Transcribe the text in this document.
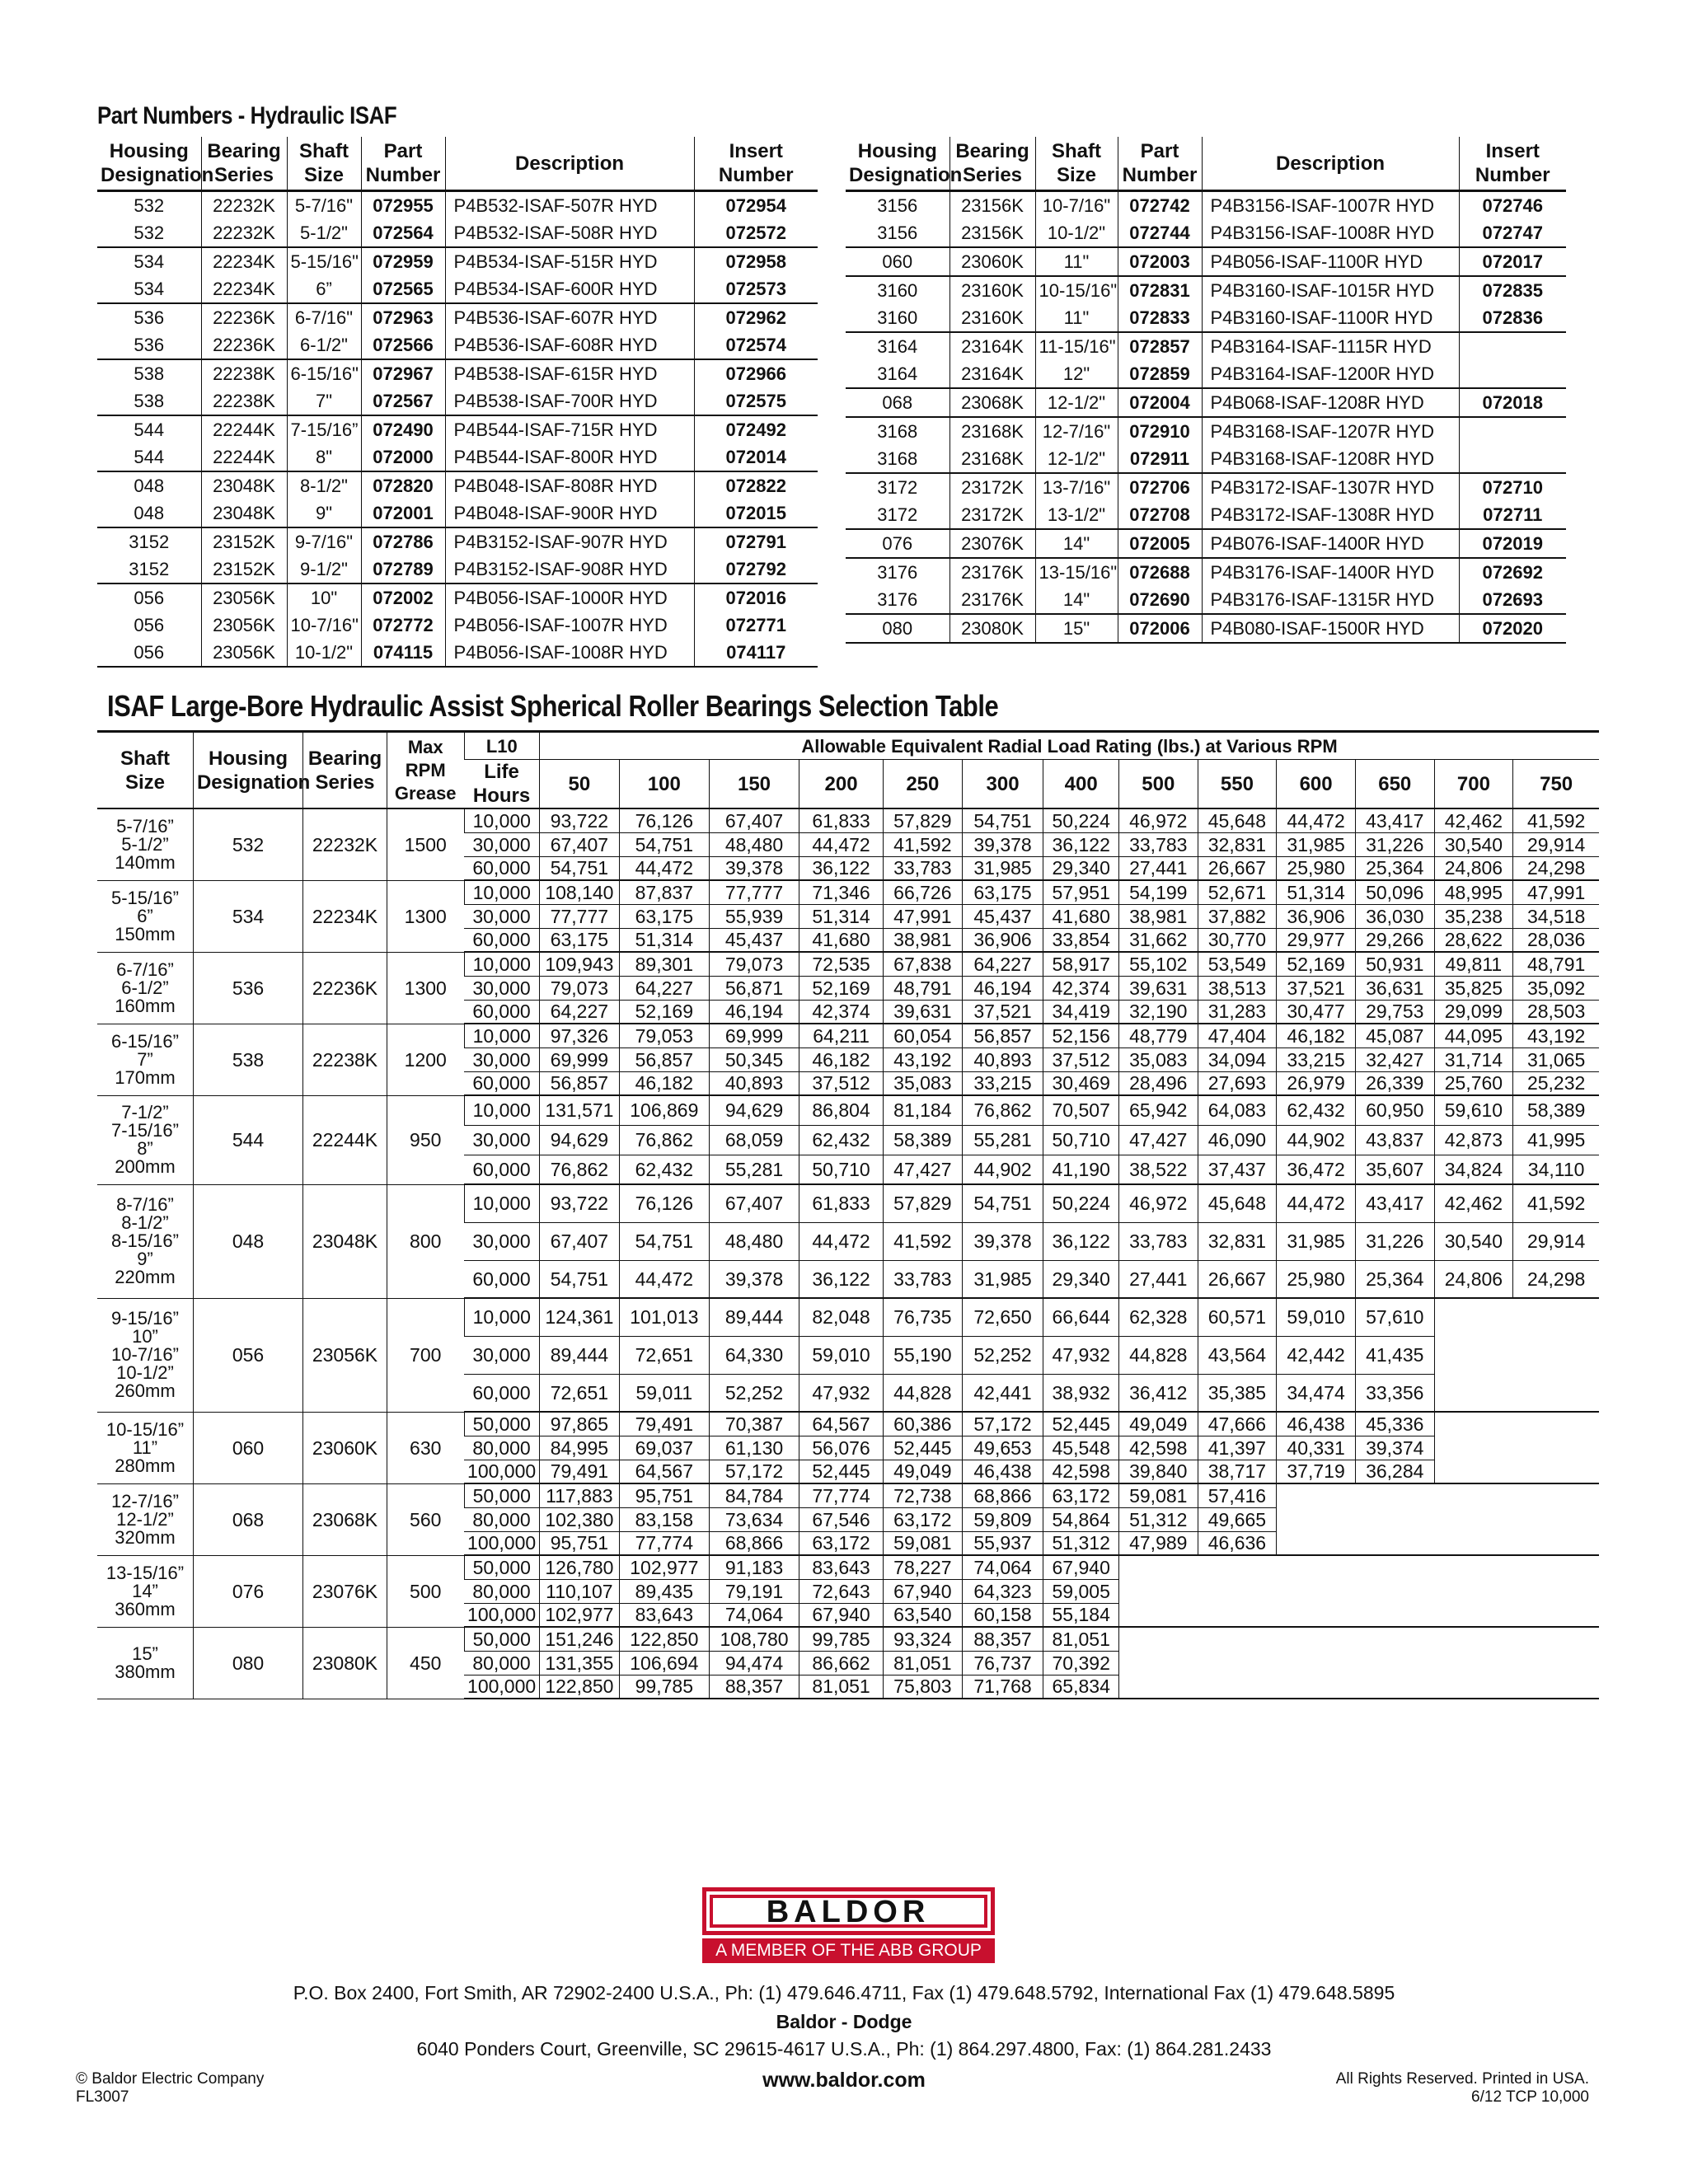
Part Numbers - Hydraulic ISAF
Housing Designation	Bearing Series	Shaft Size	Part Number	Description	Insert Number
532	22232K	5-7/16"	072955	P4B532-ISAF-507R HYD	072954
532	22232K	5-1/2"	072564	P4B532-ISAF-508R HYD	072572
534	22234K	5-15/16"	072959	P4B534-ISAF-515R HYD	072958
534	22234K	6”	072565	P4B534-ISAF-600R HYD	072573
536	22236K	6-7/16"	072963	P4B536-ISAF-607R HYD	072962
536	22236K	6-1/2"	072566	P4B536-ISAF-608R HYD	072574
538	22238K	6-15/16"	072967	P4B538-ISAF-615R HYD	072966
538	22238K	7"	072567	P4B538-ISAF-700R HYD	072575
544	22244K	7-15/16”	072490	P4B544-ISAF-715R HYD	072492
544	22244K	8"	072000	P4B544-ISAF-800R HYD	072014
048	23048K	8-1/2"	072820	P4B048-ISAF-808R HYD	072822
048	23048K	9"	072001	P4B048-ISAF-900R HYD	072015
3152	23152K	9-7/16"	072786	P4B3152-ISAF-907R HYD	072791
3152	23152K	9-1/2"	072789	P4B3152-ISAF-908R HYD	072792
056	23056K	10"	072002	P4B056-ISAF-1000R HYD	072016
056	23056K	10-7/16"	072772	P4B056-ISAF-1007R HYD	072771
056	23056K	10-1/2"	074115	P4B056-ISAF-1008R HYD	074117
Housing Designation	Bearing Series	Shaft Size	Part Number	Description	Insert Number
3156	23156K	10-7/16"	072742	P4B3156-ISAF-1007R HYD	072746
3156	23156K	10-1/2"	072744	P4B3156-ISAF-1008R HYD	072747
060	23060K	11"	072003	P4B056-ISAF-1100R HYD	072017
3160	23160K	10-15/16"	072831	P4B3160-ISAF-1015R HYD	072835
3160	23160K	11"	072833	P4B3160-ISAF-1100R HYD	072836
3164	23164K	11-15/16"	072857	P4B3164-ISAF-1115R HYD	
3164	23164K	12"	072859	P4B3164-ISAF-1200R HYD	
068	23068K	12-1/2"	072004	P4B068-ISAF-1208R HYD	072018
3168	23168K	12-7/16"	072910	P4B3168-ISAF-1207R HYD	
3168	23168K	12-1/2"	072911	P4B3168-ISAF-1208R HYD	
3172	23172K	13-7/16"	072706	P4B3172-ISAF-1307R HYD	072710
3172	23172K	13-1/2"	072708	P4B3172-ISAF-1308R HYD	072711
076	23076K	14"	072005	P4B076-ISAF-1400R HYD	072019
3176	23176K	13-15/16"	072688	P4B3176-ISAF-1400R HYD	072692
3176	23176K	14"	072690	P4B3176-ISAF-1315R HYD	072693
080	23080K	15"	072006	P4B080-ISAF-1500R HYD	072020
ISAF Large-Bore Hydraulic Assist Spherical Roller Bearings Selection Table
Shaft Size	Housing Designation	Bearing Series	Max RPM Grease	L10	Allowable Equivalent Radial Load Rating (lbs.) at Various RPM												
				Life Hours	50	100	150	200	250	300	400	500	550	600	650	700	750

5-7/16”
5-1/2”
140mm	532	22232K	1500	10,000	93,722	76,126	67,407	61,833	57,829	54,751	50,224	46,972	45,648	44,472	43,417	42,462	41,592
				30,000	67,407	54,751	48,480	44,472	41,592	39,378	36,122	33,783	32,831	31,985	31,226	30,540	29,914
				60,000	54,751	44,472	39,378	36,122	33,783	31,985	29,340	27,441	26,667	25,980	25,364	24,806	24,298

5-15/16”
6”
150mm	534	22234K	1300	10,000	108,140	87,837	77,777	71,346	66,726	63,175	57,951	54,199	52,671	51,314	50,096	48,995	47,991
				30,000	77,777	63,175	55,939	51,314	47,991	45,437	41,680	38,981	37,882	36,906	36,030	35,238	34,518
				60,000	63,175	51,314	45,437	41,680	38,981	36,906	33,854	31,662	30,770	29,977	29,266	28,622	28,036

6-7/16”
6-1/2”
160mm	536	22236K	1300	10,000	109,943	89,301	79,073	72,535	67,838	64,227	58,917	55,102	53,549	52,169	50,931	49,811	48,791
				30,000	79,073	64,227	56,871	52,169	48,791	46,194	42,374	39,631	38,513	37,521	36,631	35,825	35,092
				60,000	64,227	52,169	46,194	42,374	39,631	37,521	34,419	32,190	31,283	30,477	29,753	29,099	28,503

6-15/16”
7”
170mm	538	22238K	1200	10,000	97,326	79,053	69,999	64,211	60,054	56,857	52,156	48,779	47,404	46,182	45,087	44,095	43,192
				30,000	69,999	56,857	50,345	46,182	43,192	40,893	37,512	35,083	34,094	33,215	32,427	31,714	31,065
				60,000	56,857	46,182	40,893	37,512	35,083	33,215	30,469	28,496	27,693	26,979	26,339	25,760	25,232

7-1/2”
7-15/16”
8”
200mm	544	22244K	950	10,000	131,571	106,869	94,629	86,804	81,184	76,862	70,507	65,942	64,083	62,432	60,950	59,610	58,389
				30,000	94,629	76,862	68,059	62,432	58,389	55,281	50,710	47,427	46,090	44,902	43,837	42,873	41,995
				60,000	76,862	62,432	55,281	50,710	47,427	44,902	41,190	38,522	37,437	36,472	35,607	34,824	34,110

8-7/16”
8-1/2”
8-15/16”
9”
220mm	048	23048K	800	10,000	93,722	76,126	67,407	61,833	57,829	54,751	50,224	46,972	45,648	44,472	43,417	42,462	41,592
				30,000	67,407	54,751	48,480	44,472	41,592	39,378	36,122	33,783	32,831	31,985	31,226	30,540	29,914
				60,000	54,751	44,472	39,378	36,122	33,783	31,985	29,340	27,441	26,667	25,980	25,364	24,806	24,298

9-15/16”
10”
10-7/16”
10-1/2”
260mm	056	23056K	700	10,000	124,361	101,013	89,444	82,048	76,735	72,650	66,644	62,328	60,571	59,010	57,610		
				30,000	89,444	72,651	64,330	59,010	55,190	52,252	47,932	44,828	43,564	42,442	41,435		
				60,000	72,651	59,011	52,252	47,932	44,828	42,441	38,932	36,412	35,385	34,474	33,356		

10-15/16”
11”
280mm	060	23060K	630	50,000	97,865	79,491	70,387	64,567	60,386	57,172	52,445	49,049	47,666	46,438	45,336		
				80,000	84,995	69,037	61,130	56,076	52,445	49,653	45,548	42,598	41,397	40,331	39,374		
				100,000	79,491	64,567	57,172	52,445	49,049	46,438	42,598	39,840	38,717	37,719	36,284		

12-7/16”
12-1/2”
320mm	068	23068K	560	50,000	117,883	95,751	84,784	77,774	72,738	68,866	63,172	59,081	57,416				
				80,000	102,380	83,158	73,634	67,546	63,172	59,809	54,864	51,312	49,665				
				100,000	95,751	77,774	68,866	63,172	59,081	55,937	51,312	47,989	46,636				

13-15/16”
14”
360mm	076	23076K	500	50,000	126,780	102,977	91,183	83,643	78,227	74,064	67,940						
				80,000	110,107	89,435	79,191	72,643	67,940	64,323	59,005						
				100,000	102,977	83,643	74,064	67,940	63,540	60,158	55,184						

15”
380mm	080	23080K	450	50,000	151,246	122,850	108,780	99,785	93,324	88,357	81,051						
				80,000	131,355	106,694	94,474	86,662	81,051	76,737	70,392						
				100,000	122,850	99,785	88,357	81,051	75,803	71,768	65,834						
BALDOR
A MEMBER OF THE ABB GROUP
P.O. Box 2400, Fort Smith, AR 72902-2400 U.S.A., Ph: (1) 479.646.4711, Fax (1) 479.648.5792, International Fax (1) 479.648.5895
Baldor - Dodge
6040 Ponders Court, Greenville, SC 29615-4617 U.S.A., Ph: (1) 864.297.4800, Fax: (1) 864.281.2433
www.baldor.com
© Baldor Electric Company
FL3007
All Rights Reserved. Printed in USA.
6/12 TCP 10,000
